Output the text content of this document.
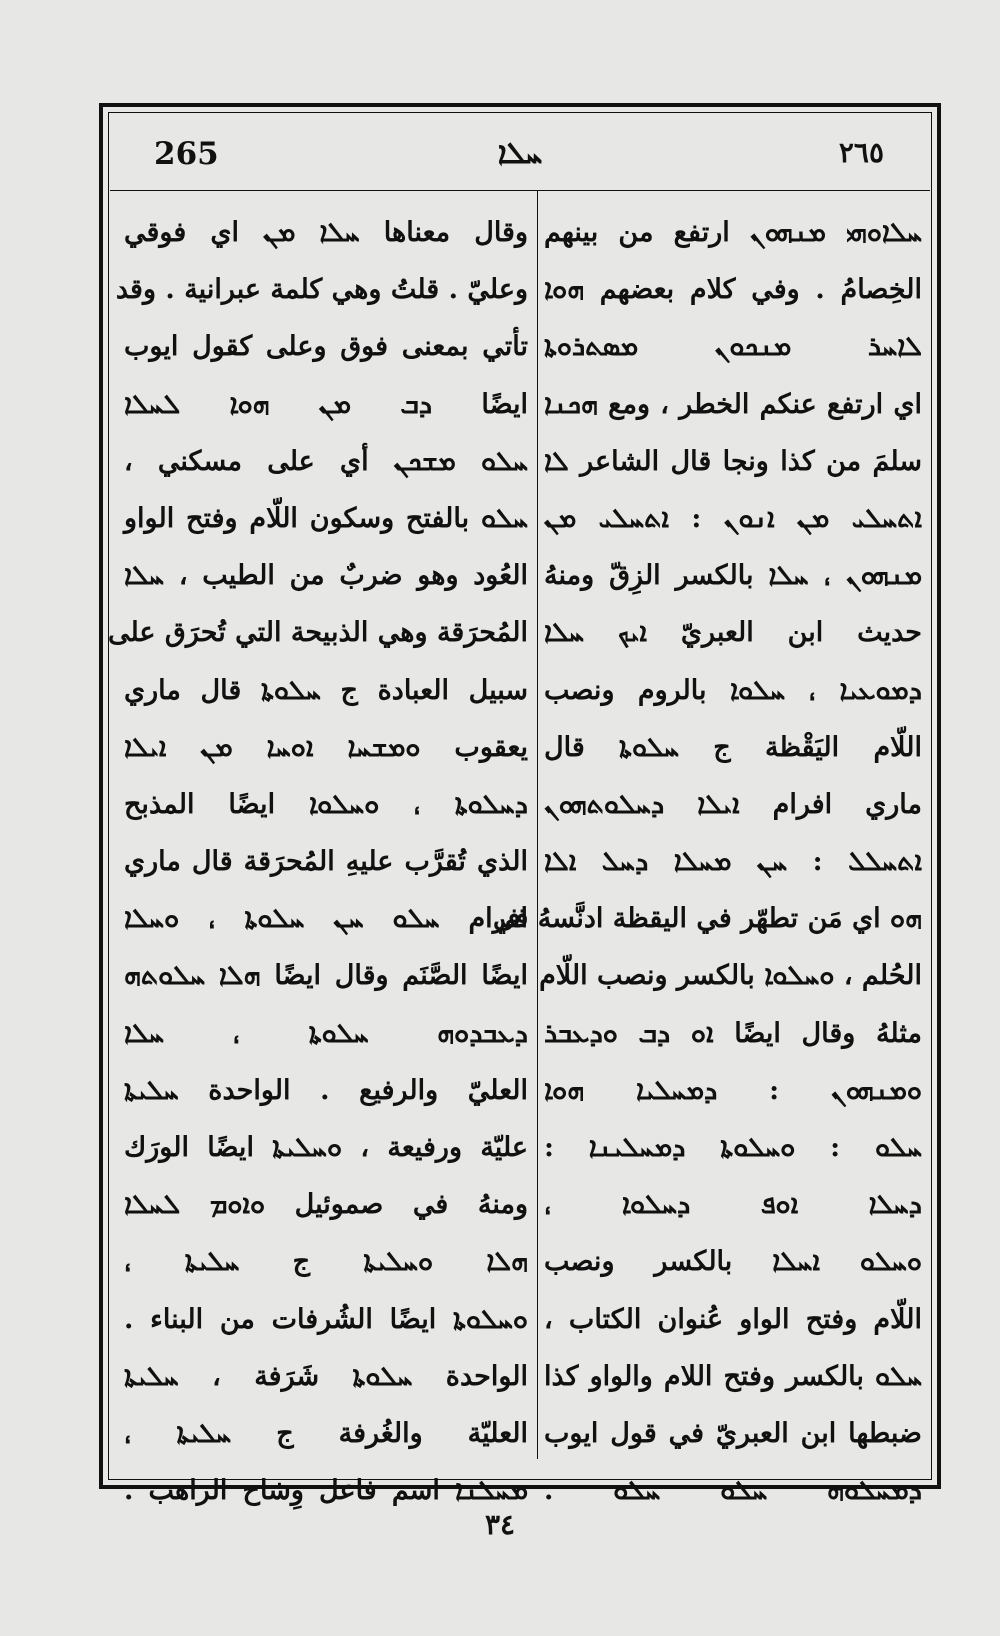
265	ܚܠܐ	٢٦٥
ܚܠܐܘܗܝ ܡܢܗܘܢ ارتفع من بينهم
الخِصامُ . وفي كلام بعضهم ܗܘܐ
ܠܐܚܪ ܡܢܟܘܢ ܡܣܬܪܘܬܐ
اي ارتفع عنكم الخطر ، ومع ܗܟܢܐ
سلمَ من كذا ونجا قال الشاعر ܠܐ
ܐܬܚܠܝ ܡܢ ܐܢܘܢ : ܐܬܚܠܝ ܡܢ
ܡܢܗܘܢ ، ܚܠܐ بالكسر الزِقّ ومنهُ
حديث ابن العبريّ ܐܝܟ ܚܠܐ
ܕܡܘܥܝܐ ، ܚܠܘܐ بالروم ونصب
اللّام اليَقْظة ج ܚܠܘܬܐ قال
ماري افرام ܐܝܠܐ ܕܚܠܘܬܗܘܢ
ܐܬܚܠܠ : ܚܢ ܡܚܠܐ ܕܚܠ ܐܠܐ
ܗܘ اي مَن تطهّر في اليقظة ادنَّسهُ في
الحُلم ، ܘܚܠܘܐ بالكسر ونصب اللّام
مثلهُ وقال ايضًا ܐܘ ܕܒ ܘܕܥܒܪ
ܘܡܢܗܘܢ : ܕܡܚܠܝܐ ܗܘܐ
ܚܠܘ : ܘܚܠܘܬܐ ܕܡܚܠܝܢܐ :
ܕܚܠܐ ܐܘܦ ܕܚܠܘܐ ،
ܘܚܠܘ ܐܚܠܐ بالكسر ونصب
اللّام وفتح الواو عُنوان الكتاب ،
ܚܠܘ بالكسر وفتح اللام والواو كذا
ضبطها ابن العبريّ في قول ايوب
ܕܡܚܠܘܗ ܚܠܘ ܚܠܘ .
وقال معناها ܚܠܐ ܡܢ اي فوقي
وعليّ . قلتُ وهي كلمة عبرانية . وقد
تأتي بمعنى فوق وعلى كقول ايوب
ايضًا ܕܒ ܡܢ ܗܘܐ ܠܚܠܐ
ܚܠܘ ܡܫܟܢ أي على مسكني ،
ܚܠܘ بالفتح وسكون اللّام وفتح الواو
العُود وهو ضربٌ من الطيب ، ܚܠܐ
المُحرَقة وهي الذبيحة التي تُحرَق على
سبيل العبادة ج ܚܠܘܬܐ قال ماري
يعقوب ܘܡܫܚܐ ܐܘܚܐ ܡܢ ܐܝܠܐ
ܕܚܠܘܬܐ ، ܘܚܠܘܐ ايضًا المذبح
الذي تُقرَّب عليهِ المُحرَقة قال ماري
افرام ܚܠܘ ܚܢ ܚܠܘܬܐ ، ܘܚܠܐ
ايضًا الصَّنَم وقال ايضًا ܗܠܐ ܚܠܘܬܗ
ܕܥܒܕܘܗ ܚܠܘܬܐ ، ܚܠܐ
العليّ والرفيع . الواحدة ܚܠܝܬܐ
عليّة ورفيعة ، ܘܚܠܝܬܐ ايضًا الورَك
ومنهُ في صموئيل ܘܐܘܡ ܠܚܠܐ
ܗܠܐ ܘܚܠܝܬܐ ج ܚܠܝܬܐ ،
ܘܚܠܘܬܐ ايضًا الشُرفات من البناء .
الواحدة ܚܠܘܬܐ شَرَفة ، ܚܠܝܬܐ
العليّة والغُرفة ج ܚܠܝܬܐ ،
ܡܚܠܢܐ اسم فاعل وِشاح الراهب .
٣٤
